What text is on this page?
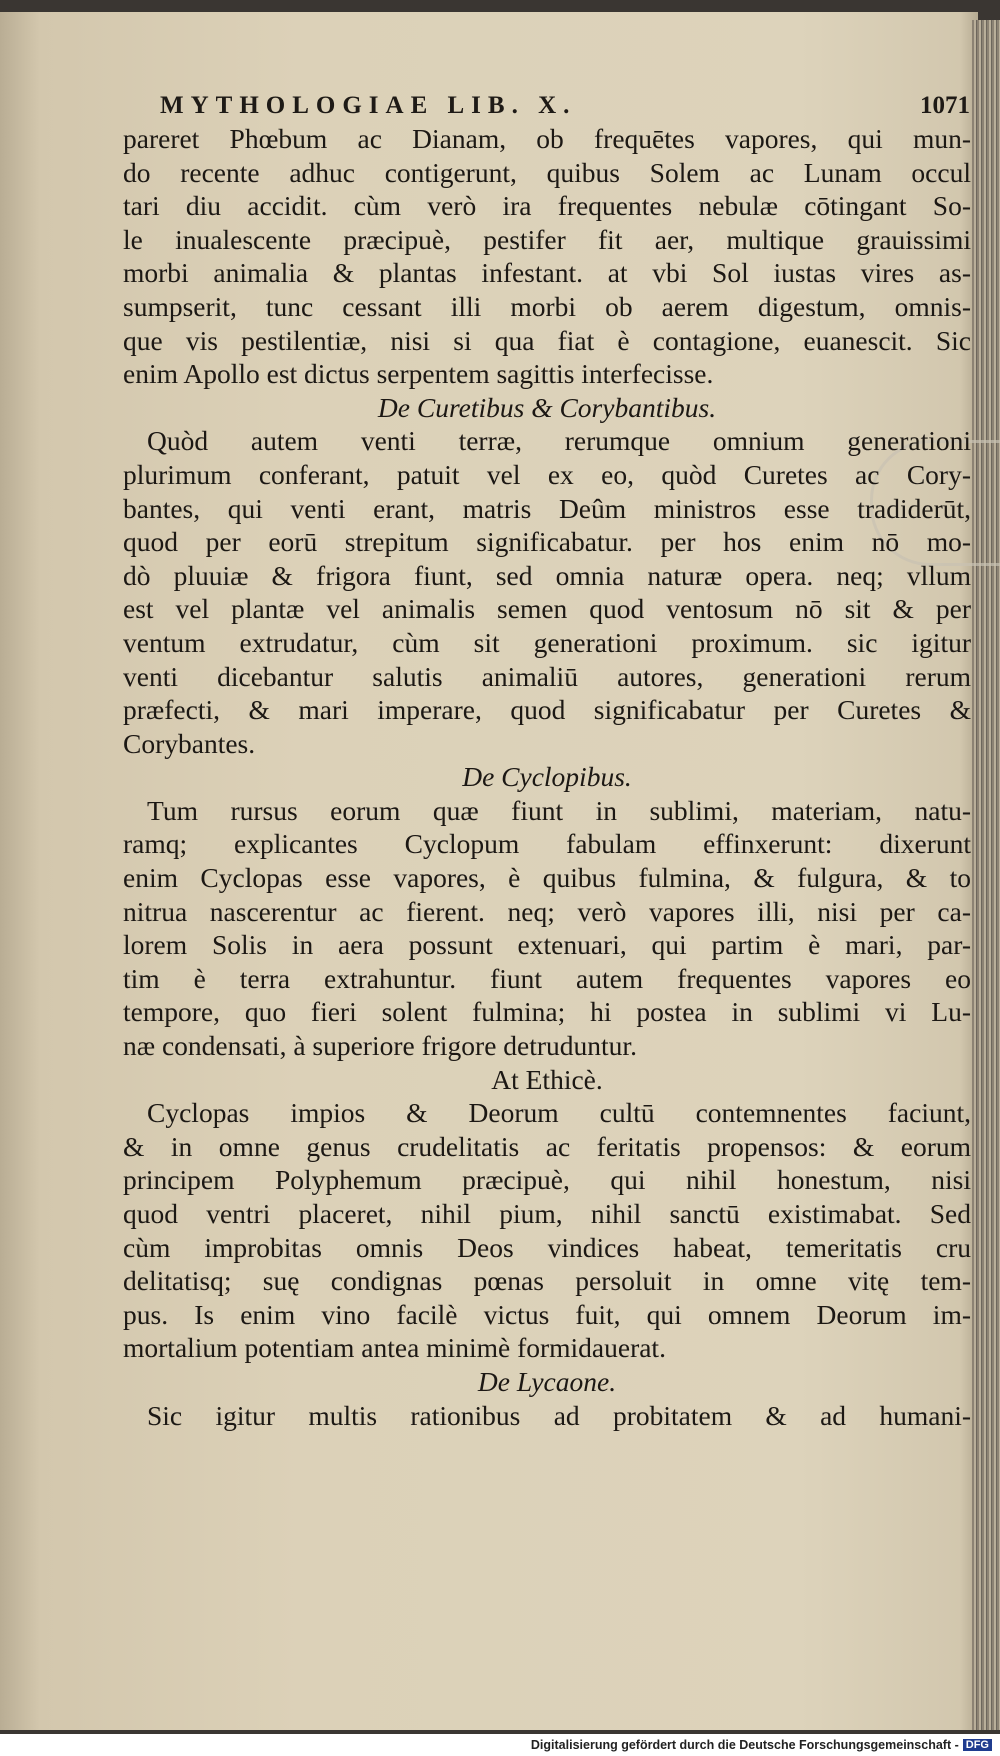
MYTHOLOGIAE LIB. X.	1071
pareret Phœbum ac Dianam, ob frequētes vapores, qui mun-
do recente adhuc contigerunt, quibus Solem ac Lunam occul
tari diu accidit. cùm verò ira frequentes nebulæ cōtingant So-
le inualescente præcipuè, pestifer fit aer, multique grauissimi
morbi animalia & plantas infestant. at vbi Sol iustas vires as-
sumpserit, tunc cessant illi morbi ob aerem digestum, omnis-
que vis pestilentiæ, nisi si qua fiat è contagione, euanescit. Sic
enim Apollo est dictus serpentem sagittis interfecisse.
De Curetibus & Corybantibus.
Quòd autem venti terræ, rerumque omnium generationi
plurimum conferant, patuit vel ex eo, quòd Curetes ac Cory-
bantes, qui venti erant, matris Deûm ministros esse tradiderūt,
quod per eorū strepitum significabatur. per hos enim nō mo-
dò pluuiæ & frigora fiunt, sed omnia naturæ opera. neq; vllum
est vel plantæ vel animalis semen quod ventosum nō sit & per
ventum extrudatur, cùm sit generationi proximum. sic igitur
venti dicebantur salutis animaliū autores, generationi rerum
præfecti, & mari imperare, quod significabatur per Curetes &
Corybantes.
De Cyclopibus.
Tum rursus eorum quæ fiunt in sublimi, materiam, natu-
ramq; explicantes Cyclopum fabulam effinxerunt: dixerunt
enim Cyclopas esse vapores, è quibus fulmina, & fulgura, & to
nitrua nascerentur ac fierent. neq; verò vapores illi, nisi per ca-
lorem Solis in aera possunt extenuari, qui partim è mari, par-
tim è terra extrahuntur. fiunt autem frequentes vapores eo
tempore, quo fieri solent fulmina; hi postea in sublimi vi Lu-
næ condensati, à superiore frigore detruduntur.
At Ethicè.
Cyclopas impios & Deorum cultū contemnentes faciunt,
& in omne genus crudelitatis ac feritatis propensos: & eorum
principem Polyphemum præcipuè, qui nihil honestum, nisi
quod ventri placeret, nihil pium, nihil sanctū existimabat. Sed
cùm improbitas omnis Deos vindices habeat, temeritatis cru
delitatisq; suę condignas pœnas persoluit in omne vitę tem-
pus. Is enim vino facilè victus fuit, qui omnem Deorum im-
mortalium potentiam antea minimè formidauerat.
De Lycaone.
Sic igitur multis rationibus ad probitatem & ad humani-
Digitalisierung gefördert durch die Deutsche Forschungsgemeinschaft - DFG
